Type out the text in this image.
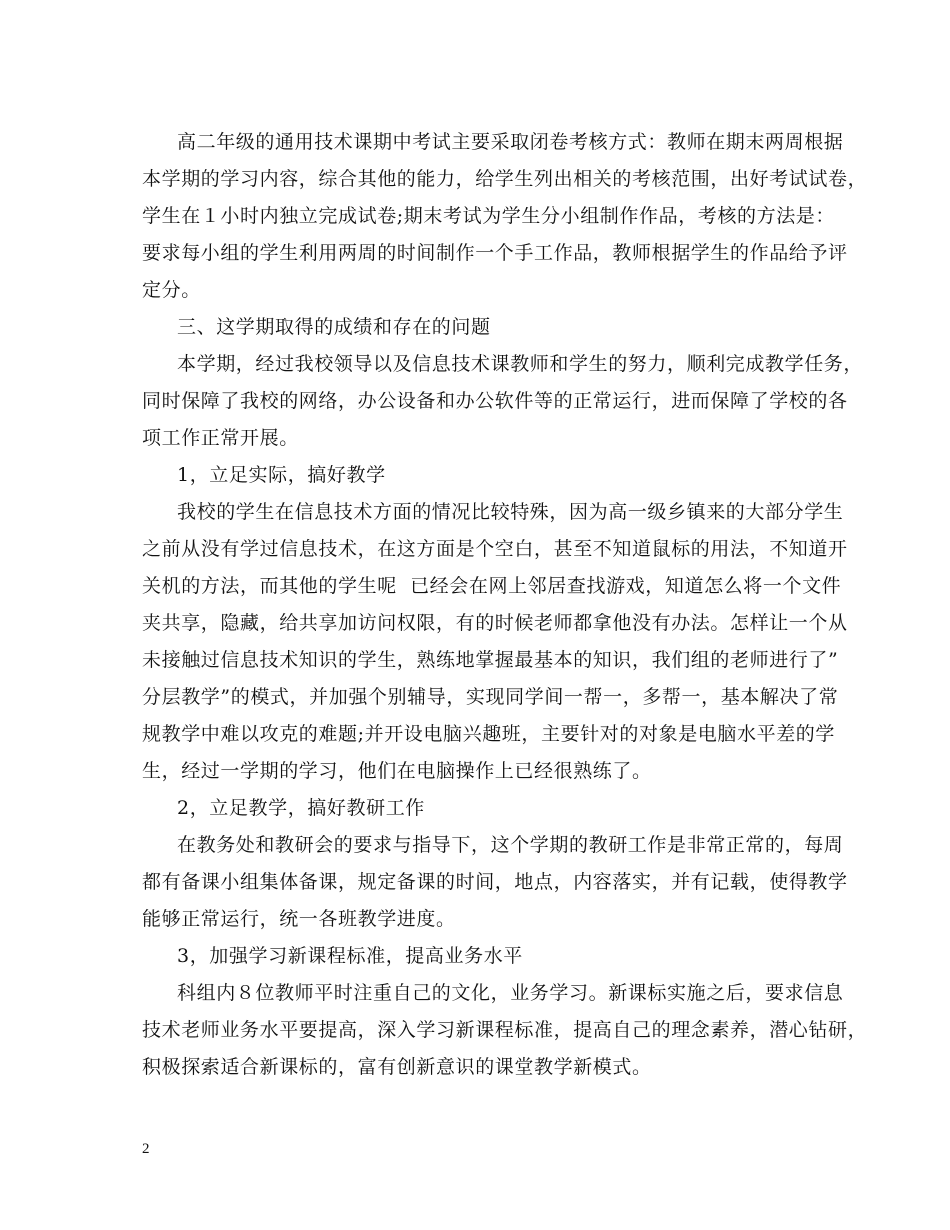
高二年级的通用技术课期中考试主要采取闭卷考核方式：教师在期末两周根据
本学期的学习内容，综合其他的能力，给学生列出相关的考核范围，出好考试试卷，
学生在１小时内独立完成试卷;期末考试为学生分小组制作作品，考核的方法是：
要求每小组的学生利用两周的时间制作一个手工作品，教师根据学生的作品给予评
定分。
三、这学期取得的成绩和存在的问题
本学期，经过我校领导以及信息技术课教师和学生的努力，顺利完成教学任务，
同时保障了我校的网络，办公设备和办公软件等的正常运行，进而保障了学校的各
项工作正常开展。
1，立足实际，搞好教学
我校的学生在信息技术方面的情况比较特殊，因为高一级乡镇来的大部分学生
之前从没有学过信息技术，在这方面是个空白，甚至不知道鼠标的用法，不知道开
关机的方法，而其他的学生呢  已经会在网上邻居查找游戏，知道怎么将一个文件
夹共享，隐藏，给共享加访问权限，有的时候老师都拿他没有办法。怎样让一个从
未接触过信息技术知识的学生，熟练地掌握最基本的知识，我们组的老师进行了”
分层教学”的模式，并加强个别辅导，实现同学间一帮一，多帮一，基本解决了常
规教学中难以攻克的难题;并开设电脑兴趣班，主要针对的对象是电脑水平差的学
生，经过一学期的学习，他们在电脑操作上已经很熟练了。
2，立足教学，搞好教研工作
在教务处和教研会的要求与指导下，这个学期的教研工作是非常正常的，每周
都有备课小组集体备课，规定备课的时间，地点，内容落实，并有记载，使得教学
能够正常运行，统一各班教学进度。
3，加强学习新课程标准，提高业务水平
科组内８位教师平时注重自己的文化，业务学习。新课标实施之后，要求信息
技术老师业务水平要提高，深入学习新课程标准，提高自己的理念素养，潜心钻研，
积极探索适合新课标的，富有创新意识的课堂教学新模式。
2
